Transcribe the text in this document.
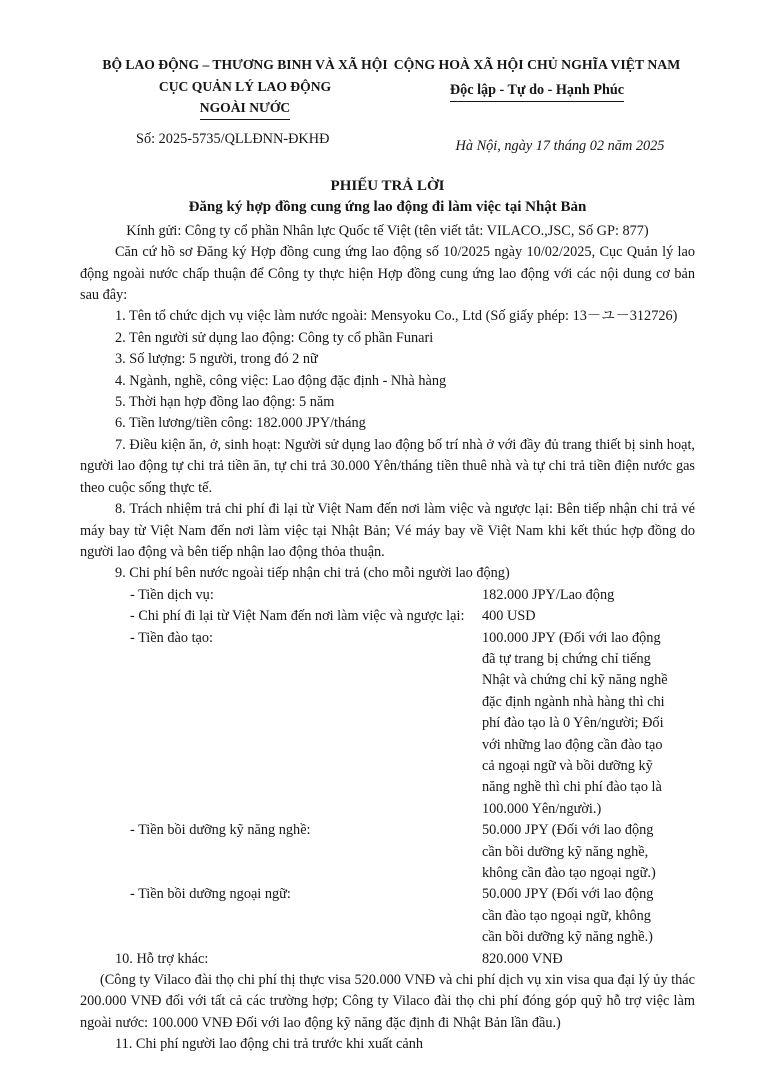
BỘ LAO ĐỘNG – THƯƠNG BINH VÀ XÃ HỘI
CỤC QUẢN LÝ LAO ĐỘNG
NGOÀI NƯỚC
Số: 2025-5735/QLLĐNN-ĐKHĐ
CỘNG HOÀ XÃ HỘI CHỦ NGHĨA VIỆT NAM
Độc lập - Tự do - Hạnh Phúc
Hà Nội, ngày 17 tháng 02 năm 2025
PHIẾU TRẢ LỜI
Đăng ký hợp đồng cung ứng lao động đi làm việc tại Nhật Bản
Kính gửi: Công ty cổ phần Nhân lực Quốc tế Việt (tên viết tắt: VILACO.,JSC, Số GP: 877)

Căn cứ hồ sơ Đăng ký Hợp đồng cung ứng lao động số 10/2025 ngày 10/02/2025, Cục Quản lý lao động ngoài nước chấp thuận để Công ty thực hiện Hợp đồng cung ứng lao động với các nội dung cơ bản sau đây:

1. Tên tổ chức dịch vụ việc làm nước ngoài: Mensyoku Co., Ltd (Số giấy phép: 13－ユ－312726)
2. Tên người sử dụng lao động: Công ty cổ phần Funari
3. Số lượng: 5 người, trong đó 2 nữ
4. Ngành, nghề, công việc: Lao động đặc định - Nhà hàng
5. Thời hạn hợp đồng lao động: 5 năm
6. Tiền lương/tiền công: 182.000 JPY/tháng

7. Điều kiện ăn, ở, sinh hoạt: Người sử dụng lao động bố trí nhà ở với đầy đủ trang thiết bị sinh hoạt, người lao động tự chi trả tiền ăn, tự chi trả 30.000 Yên/tháng tiền thuê nhà và tự chi trả tiền điện nước gas theo cuộc sống thực tế.

8. Trách nhiệm trả chi phí đi lại từ Việt Nam đến nơi làm việc và ngược lại: Bên tiếp nhận chi trả vé máy bay từ Việt Nam đến nơi làm việc tại Nhật Bản; Vé máy bay về Việt Nam khi kết thúc hợp đồng do người lao động và bên tiếp nhận lao động thỏa thuận.

9. Chi phí bên nước ngoài tiếp nhận chi trả (cho mỗi người lao động)
- Tiền dịch vụ:	182.000 JPY/Lao động
- Chi phí đi lại từ Việt Nam đến nơi làm việc và ngược lại:	400 USD
- Tiền đào tạo:	100.000 JPY (Đối với lao động đã tự trang bị chứng chỉ tiếng Nhật và chứng chỉ kỹ năng nghề đặc định ngành nhà hàng thì chi phí đào tạo là 0 Yên/người; Đối với những lao động cần đào tạo cả ngoại ngữ và bồi dưỡng kỹ năng nghề thì chi phí đào tạo là 100.000 Yên/người.)
- Tiền bồi dưỡng kỹ năng nghề:	50.000 JPY (Đối với lao động cần bồi dưỡng kỹ năng nghề, không cần đào tạo ngoại ngữ.)
- Tiền bồi dưỡng ngoại ngữ:	50.000 JPY (Đối với lao động cần đào tạo ngoại ngữ, không cần bồi dưỡng kỹ năng nghề.)
10. Hỗ trợ khác:	820.000 VNĐ

(Công ty Vilaco đài thọ chi phí thị thực visa 520.000 VNĐ và chi phí dịch vụ xin visa qua đại lý ủy thác 200.000 VNĐ đối với tất cả các trường hợp; Công ty Vilaco đài thọ chi phí đóng góp quỹ hỗ trợ việc làm ngoài nước: 100.000 VNĐ Đối với lao động kỹ năng đặc định đi Nhật Bản lần đầu.)

11. Chi phí người lao động chi trả trước khi xuất cảnh
